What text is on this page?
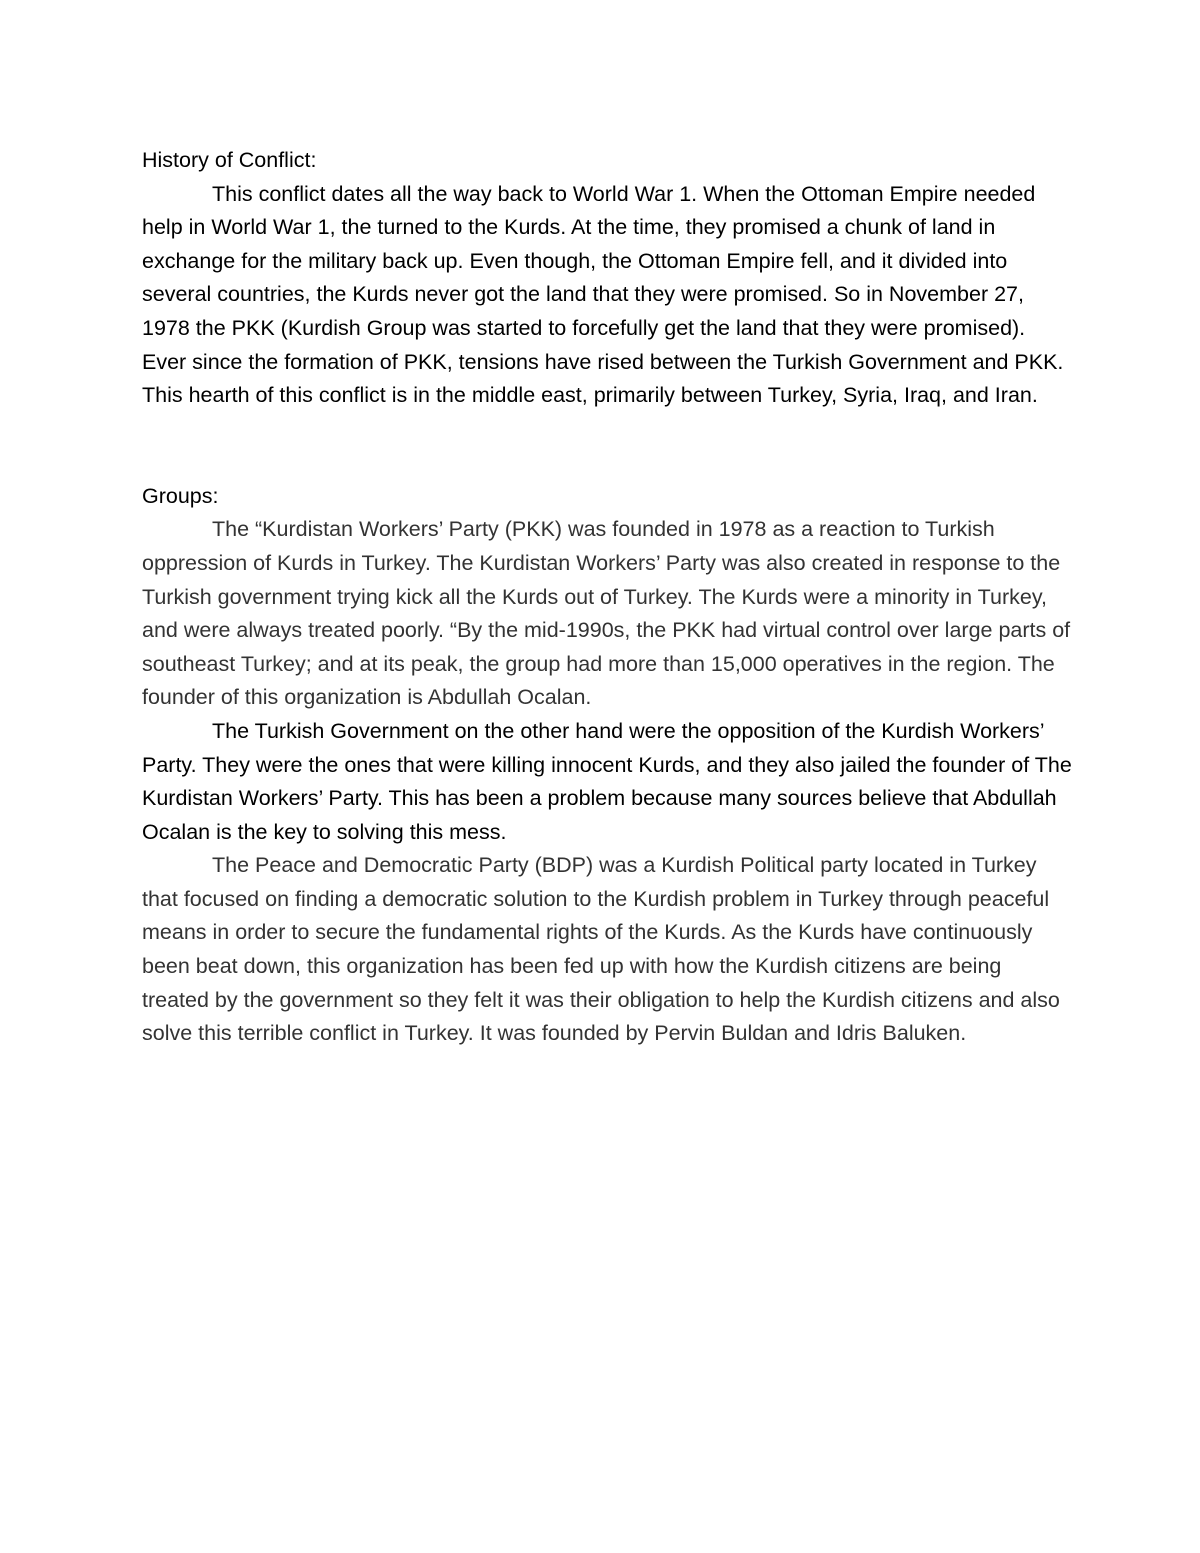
History of Conflict:

This conflict dates all the way back to World War 1. When the Ottoman Empire needed help in World War 1, the turned to the Kurds. At the time, they promised a chunk of land in exchange for the military back up. Even though, the Ottoman Empire fell, and it divided into several countries, the Kurds never got the land that they were promised. So in November 27, 1978 the PKK (Kurdish Group was started to forcefully get the land that they were promised). Ever since the formation of PKK, tensions have rised between the Turkish Government and PKK. This hearth of this conflict is in the middle east, primarily between Turkey, Syria, Iraq, and Iran.

Groups:

The “Kurdistan Workers’ Party (PKK) was founded in 1978 as a reaction to Turkish oppression of Kurds in Turkey. The Kurdistan Workers’ Party was also created in response to the Turkish government trying kick all the Kurds out of Turkey. The Kurds were a minority in Turkey, and were always treated poorly. “By the mid-1990s, the PKK had virtual control over large parts of southeast Turkey; and at its peak, the group had more than 15,000 operatives in the region. The founder of this organization is Abdullah Ocalan.

The Turkish Government on the other hand were the opposition of the Kurdish Workers’ Party. They were the ones that were killing innocent Kurds, and they also jailed the founder of The Kurdistan Workers’ Party. This has been a problem because many sources believe that Abdullah Ocalan is the key to solving this mess.

The Peace and Democratic Party (BDP) was a Kurdish Political party located in Turkey that focused on finding a democratic solution to the Kurdish problem in Turkey through peaceful means in order to secure the fundamental rights of the Kurds. As the Kurds have continuously been beat down, this organization has been fed up with how the Kurdish citizens are being treated by the government so they felt it was their obligation to help the Kurdish citizens and also solve this terrible conflict in Turkey. It was founded by Pervin Buldan and Idris Baluken.
